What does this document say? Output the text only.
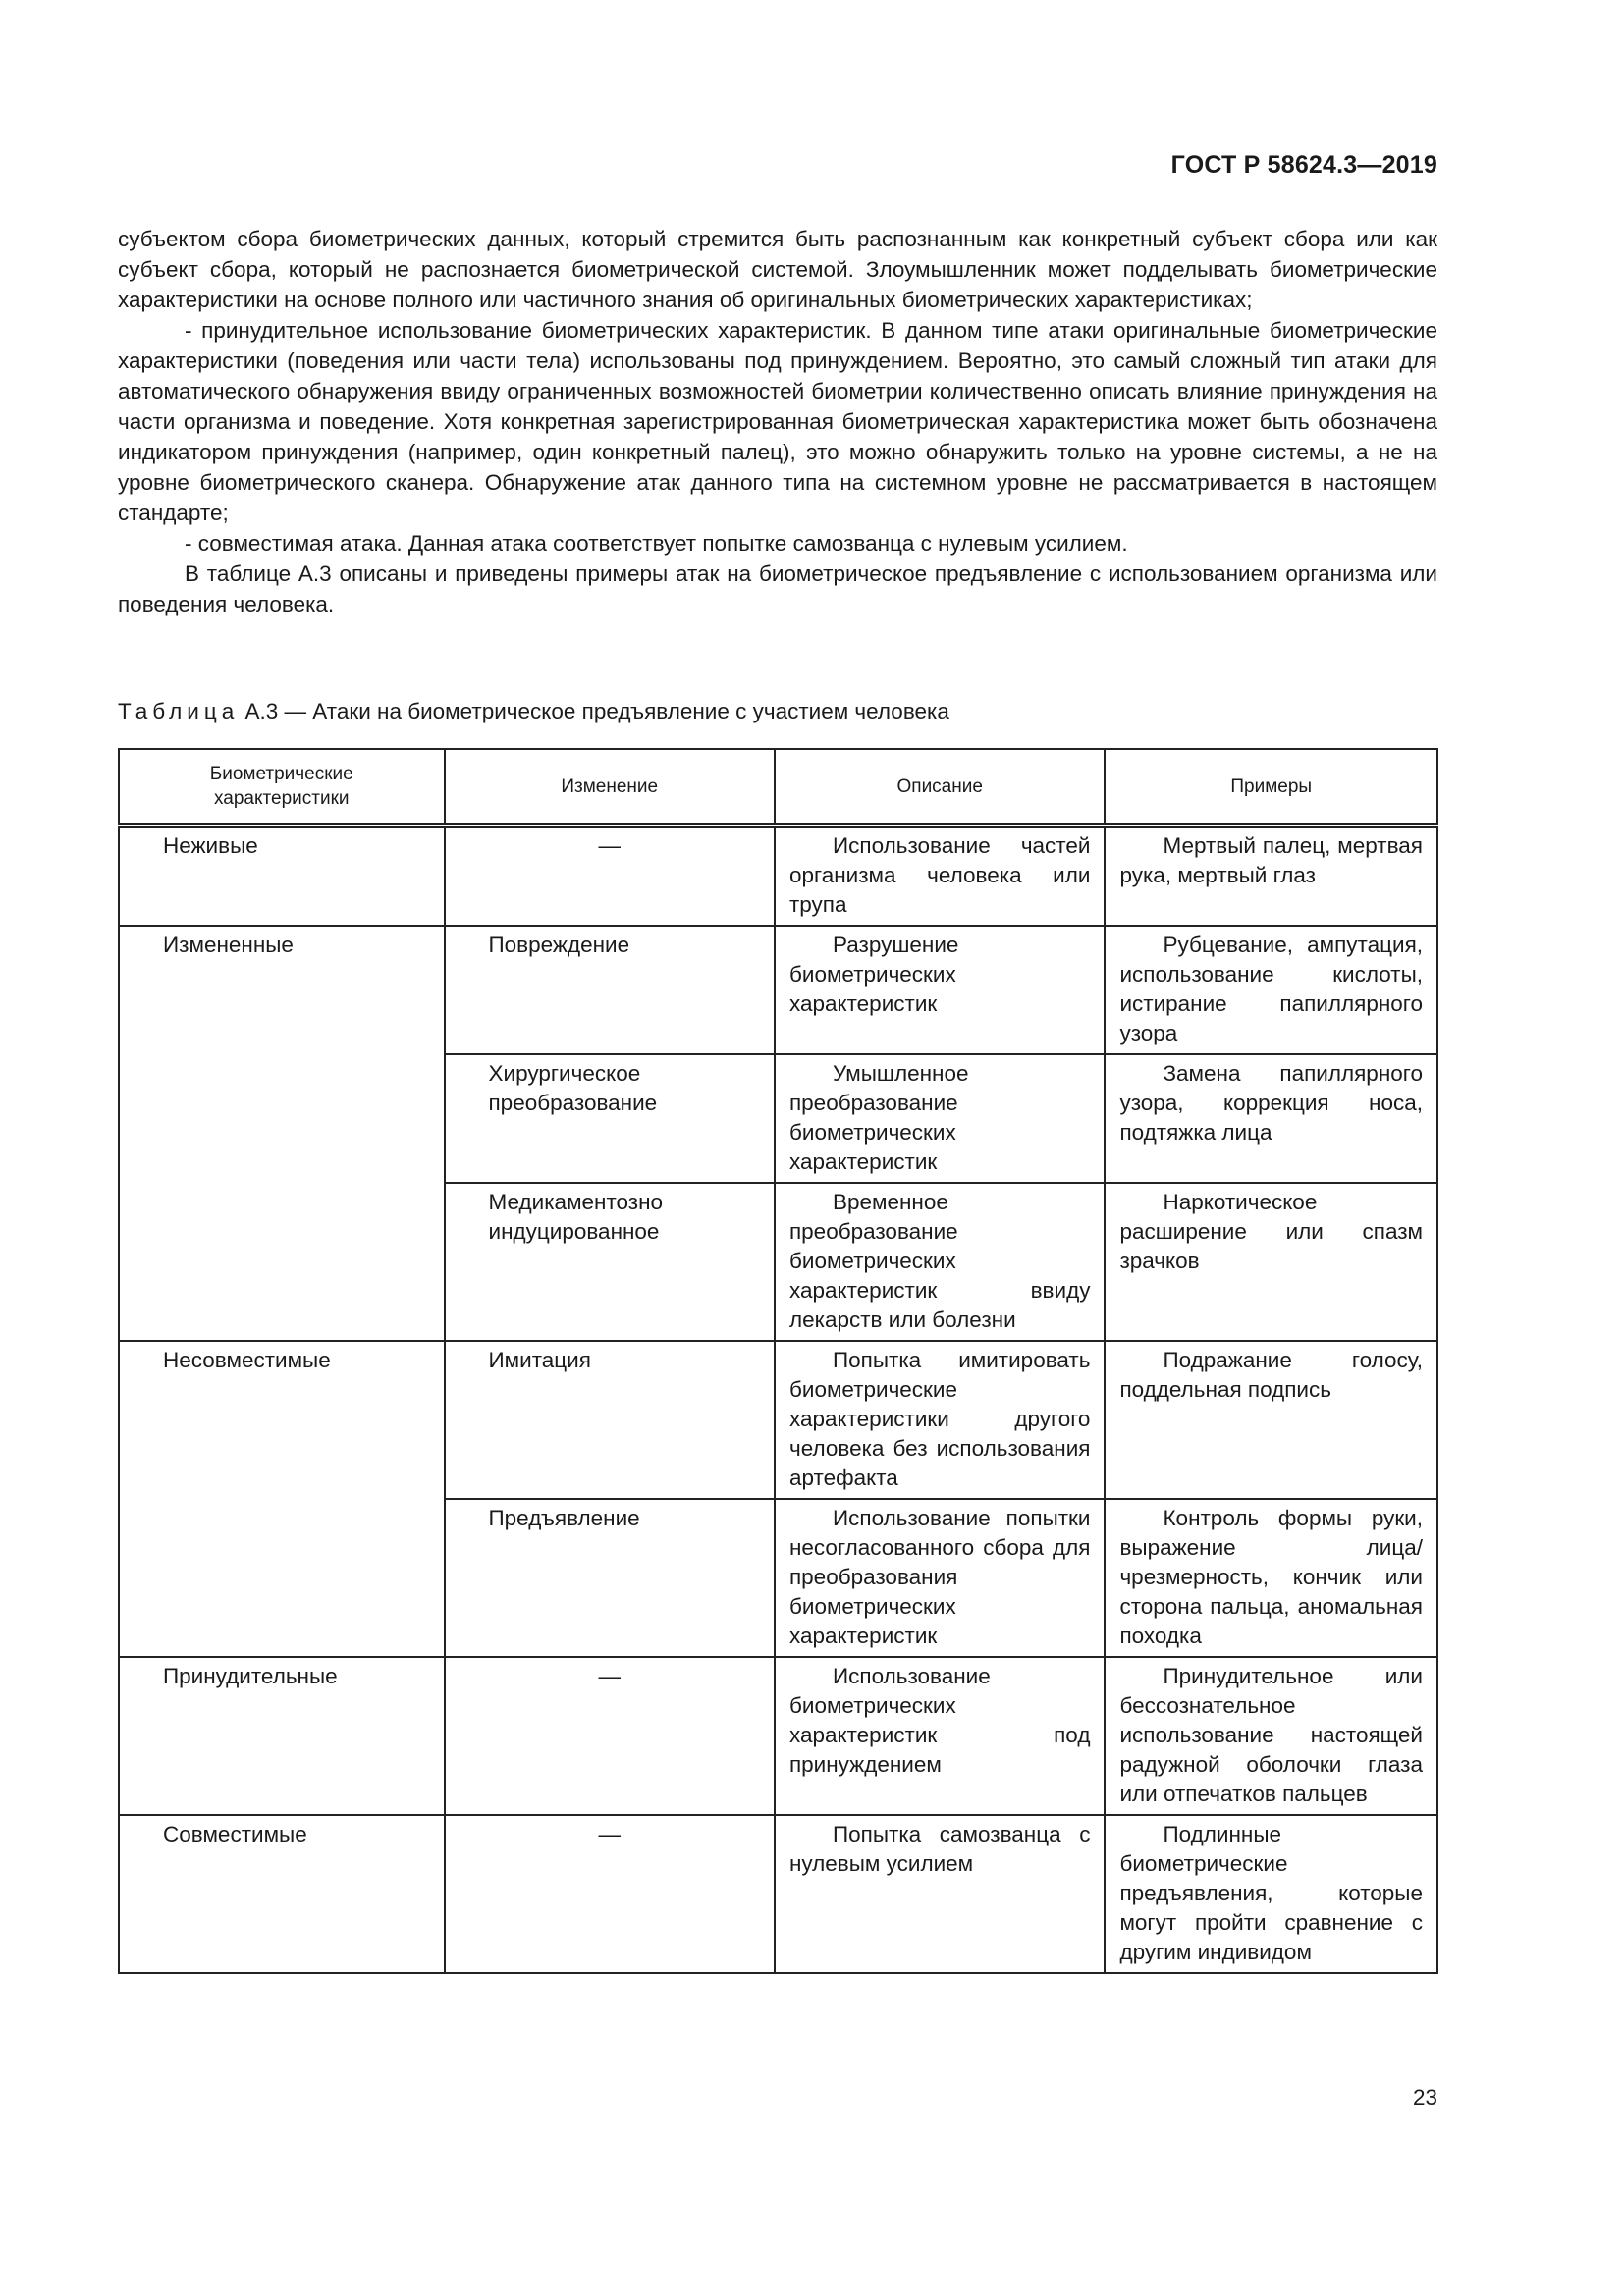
ГОСТ Р 58624.3—2019

субъектом сбора биометрических данных, который стремится быть распознанным как конкретный субъект сбора или как субъект сбора, который не распознается биометрической системой. Злоумышленник может подделывать биометрические характеристики на основе полного или частичного знания об оригинальных биометрических характеристиках;

- принудительное использование биометрических характеристик. В данном типе атаки оригинальные биометрические характеристики (поведения или части тела) использованы под принуждением. Вероятно, это самый сложный тип атаки для автоматического обнаружения ввиду ограниченных возможностей биометрии количественно описать влияние принуждения на части организма и поведение. Хотя конкретная зарегистрированная биометрическая характеристика может быть обозначена индикатором принуждения (например, один конкретный палец), это можно обнаружить только на уровне системы, а не на уровне биометрического сканера. Обнаружение атак данного типа на системном уровне не рассматривается в настоящем стандарте;

- совместимая атака. Данная атака соответствует попытке самозванца с нулевым усилием.

В таблице А.3 описаны и приведены примеры атак на биометрическое предъявление с использованием организма или поведения человека.

Таблица А.3 — Атаки на биометрическое предъявление с участием человека
Биометрические характеристики	Изменение	Описание	Примеры
Неживые	—	Использование частей организма человека или трупа	Мертвый палец, мертвая рука, мертвый глаз
Измененные	Повреждение	Разрушение биометрических характеристик	Рубцевание, ампутация, использование кислоты, истирание папиллярного узора
	Хирургическое преобразование	Умышленное преобразование биометрических характеристик	Замена папиллярного узора, коррекция носа, подтяжка лица
	Медикаментозно индуцированное	Временное преобразование биометрических характеристик ввиду лекарств или болезни	Наркотическое расширение или спазм зрачков
Несовместимые	Имитация	Попытка имитировать биометрические характеристики другого человека без использования артефакта	Подражание голосу, поддельная подпись
	Предъявление	Использование попытки несогласованного сбора для преобразования биометрических характеристик	Контроль формы руки, выражение лица/чрезмерность, кончик или сторона пальца, аномальная походка
Принудительные	—	Использование биометрических характеристик под принуждением	Принудительное или бессознательное использование настоящей радужной оболочки глаза или отпечатков пальцев
Совместимые	—	Попытка самозванца с нулевым усилием	Подлинные биометрические предъявления, которые могут пройти сравнение с другим индивидом
23
